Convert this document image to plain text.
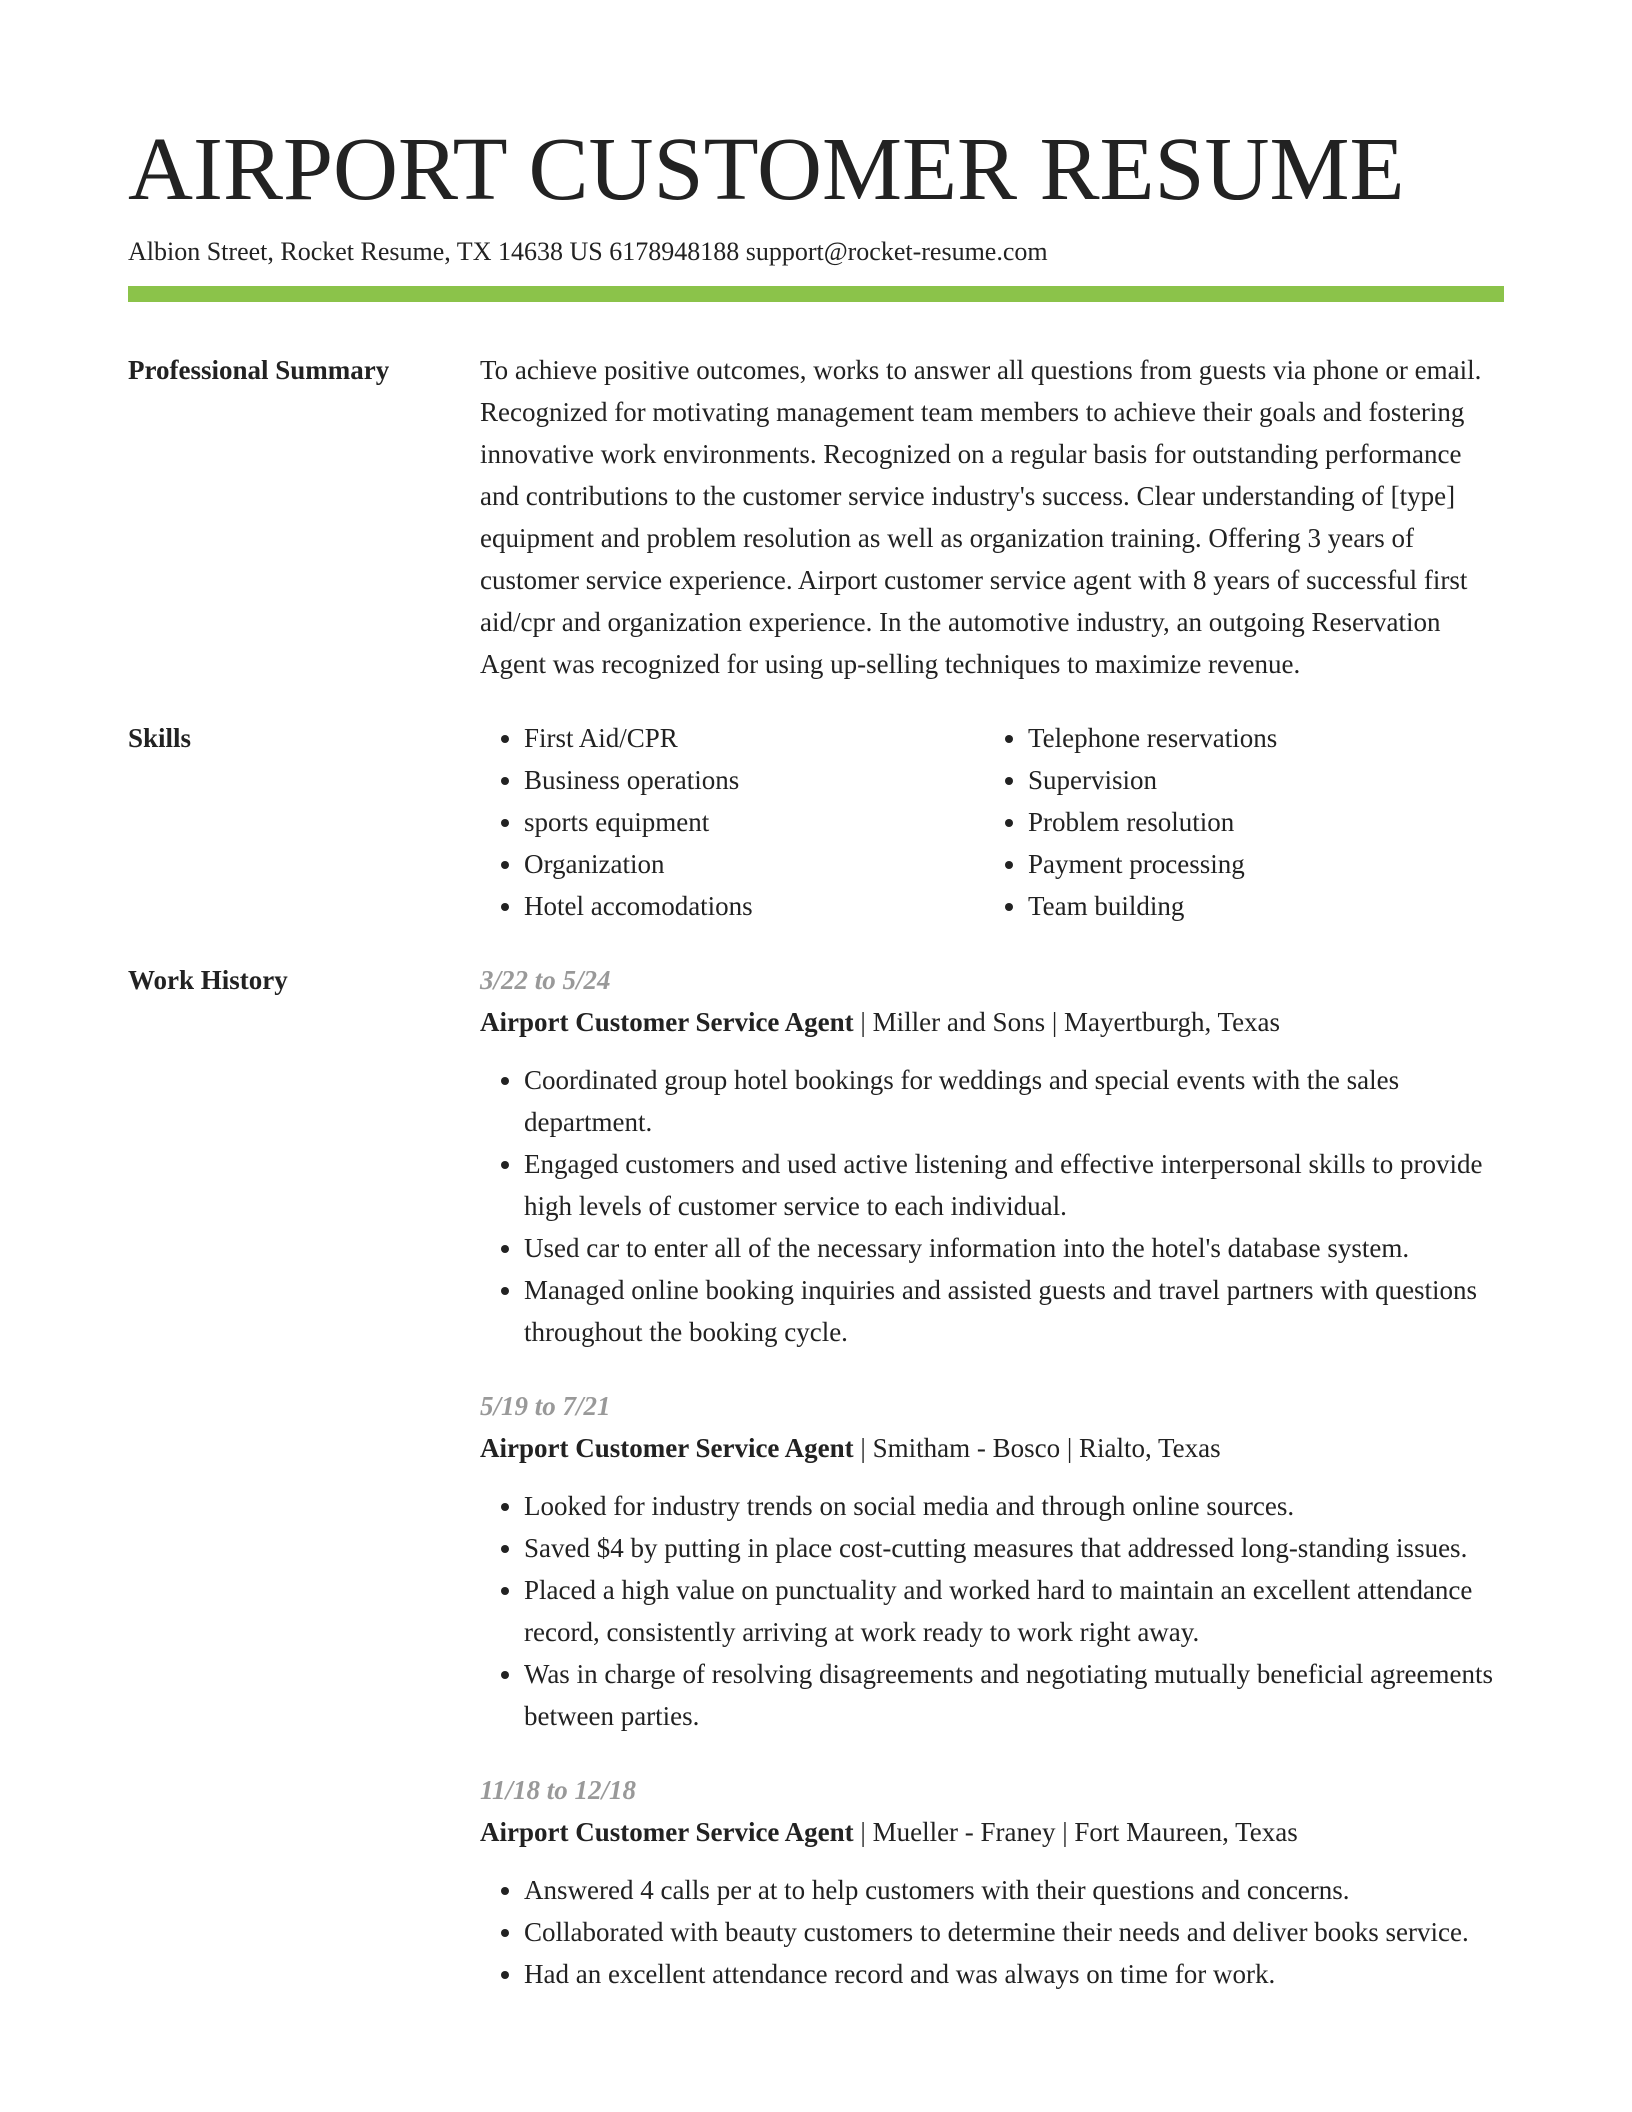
AIRPORT CUSTOMER RESUME
Albion Street, Rocket Resume, TX 14638 US 6178948188 support@rocket-resume.com
Professional Summary	To achieve positive outcomes, works to answer all questions from guests via phone or email. Recognized for motivating management team members to achieve their goals and fostering innovative work environments. Recognized on a regular basis for outstanding performance and contributions to the customer service industry's success. Clear understanding of [type] equipment and problem resolution as well as organization training. Offering 3 years of customer service experience. Airport customer service agent with 8 years of successful first aid/cpr and organization experience. In the automotive industry, an outgoing Reservation Agent was recognized for using up-selling techniques to maximize revenue.
Skills
•	First Aid/CPR
• Business operations
• sports equipment
• Organization
• Hotel accomodations
• Telephone reservations
• Supervision
• Problem resolution
• Payment processing
• Team building
Work History	3/22 to 5/24
Airport Customer Service Agent | Miller and Sons | Mayertburgh, Texas
• Coordinated group hotel bookings for weddings and special events with the sales department.
• Engaged customers and used active listening and effective interpersonal skills to provide high levels of customer service to each individual.
• Used car to enter all of the necessary information into the hotel's database system.
• Managed online booking inquiries and assisted guests and travel partners with questions throughout the booking cycle.
5/19 to 7/21
Airport Customer Service Agent | Smitham - Bosco | Rialto, Texas
• Looked for industry trends on social media and through online sources.
• Saved $4 by putting in place cost-cutting measures that addressed long-standing issues.
• Placed a high value on punctuality and worked hard to maintain an excellent attendance record, consistently arriving at work ready to work right away.
• Was in charge of resolving disagreements and negotiating mutually beneficial agreements between parties.
11/18 to 12/18
Airport Customer Service Agent | Mueller - Franey | Fort Maureen, Texas
• Answered 4 calls per at to help customers with their questions and concerns.
• Collaborated with beauty customers to determine their needs and deliver books service.
• Had an excellent attendance record and was always on time for work.
